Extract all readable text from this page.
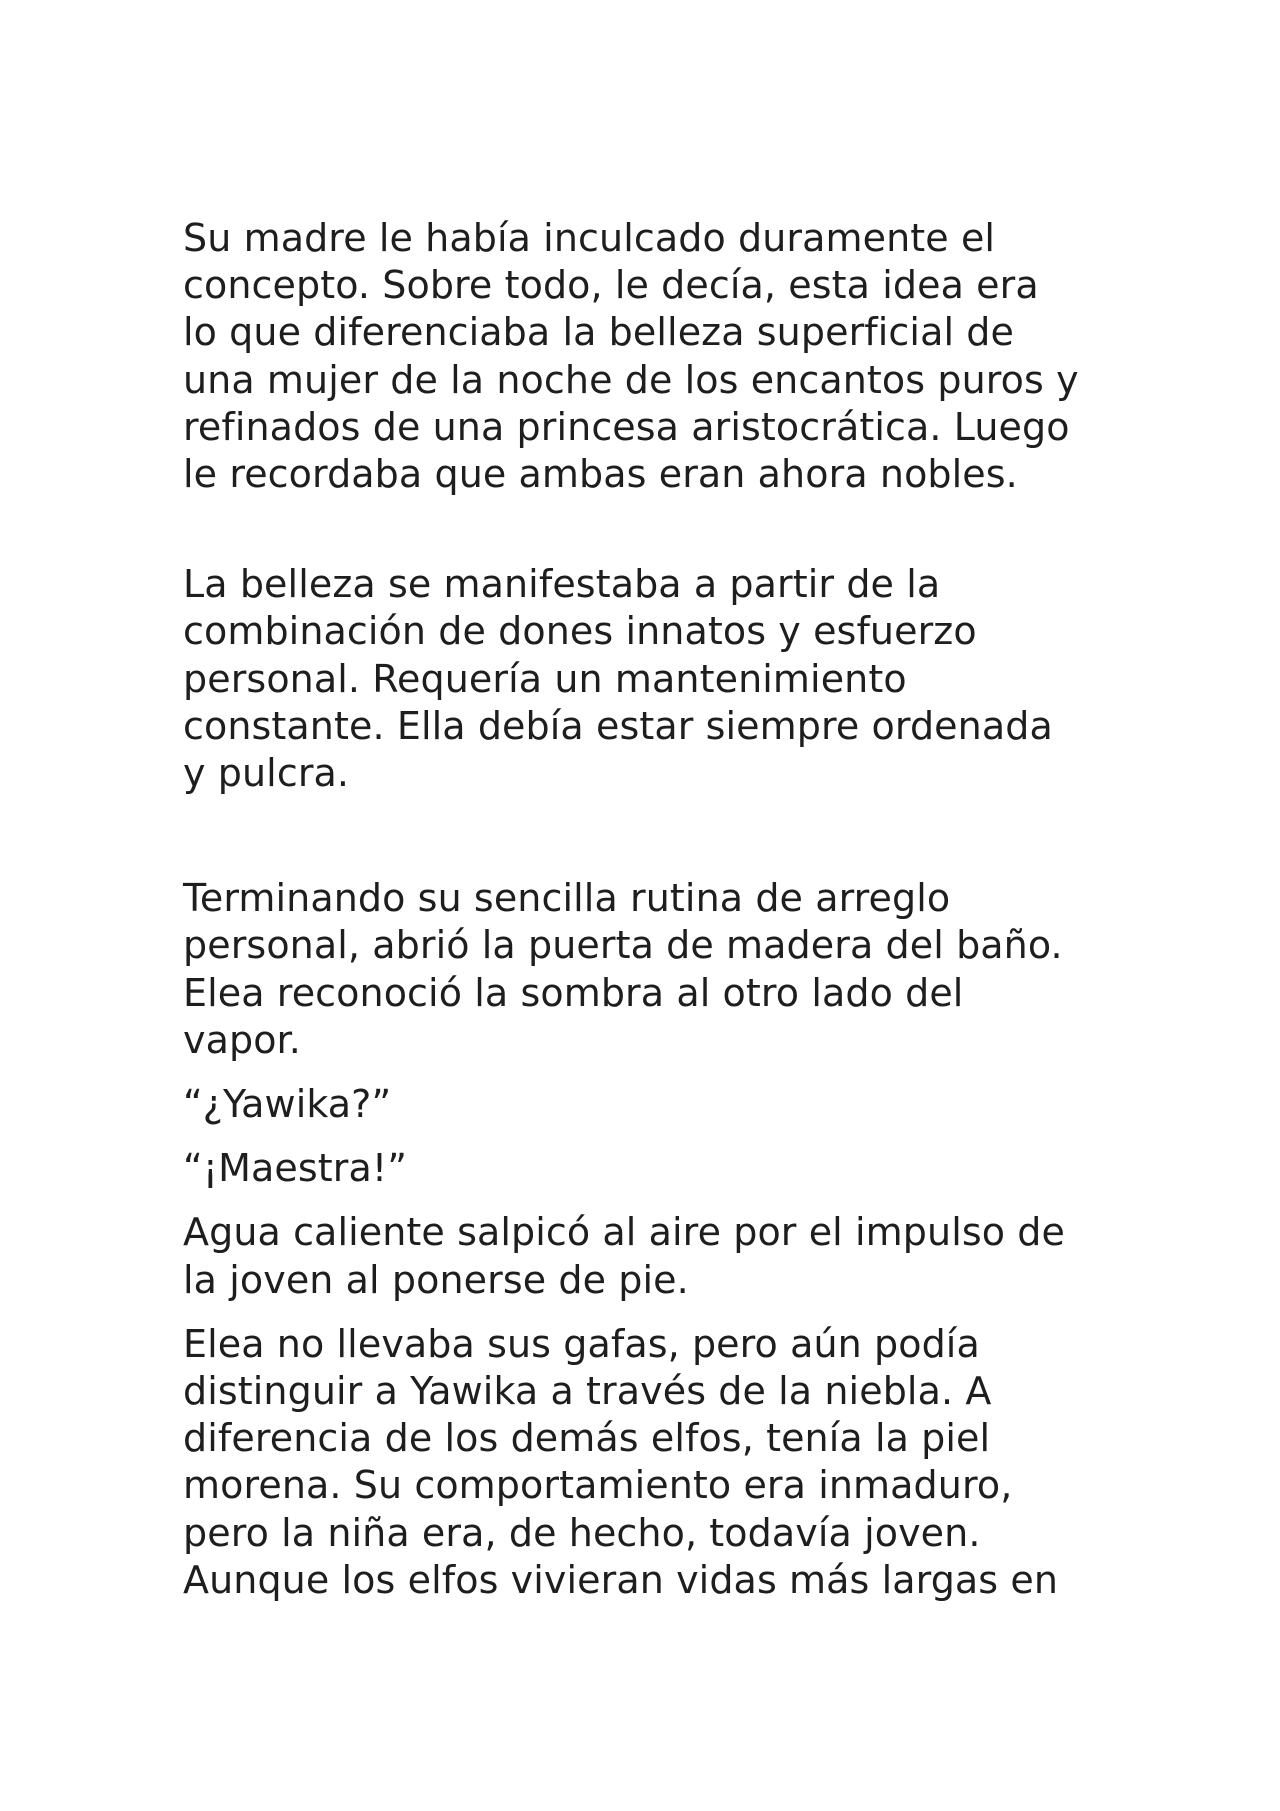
Su madre le había inculcado duramente el
concepto. Sobre todo, le decía, esta idea era
lo que diferenciaba la belleza superficial de
una mujer de la noche de los encantos puros y
refinados de una princesa aristocrática. Luego
le recordaba que ambas eran ahora nobles.

La belleza se manifestaba a partir de la
combinación de dones innatos y esfuerzo
personal. Requería un mantenimiento
constante. Ella debía estar siempre ordenada
y pulcra.

Terminando su sencilla rutina de arreglo
personal, abrió la puerta de madera del baño.
Elea reconoció la sombra al otro lado del
vapor.

“¿Yawika?”

“¡Maestra!”

Agua caliente salpicó al aire por el impulso de
la joven al ponerse de pie.

Elea no llevaba sus gafas, pero aún podía
distinguir a Yawika a través de la niebla. A
diferencia de los demás elfos, tenía la piel
morena. Su comportamiento era inmaduro,
pero la niña era, de hecho, todavía joven.
Aunque los elfos vivieran vidas más largas en
